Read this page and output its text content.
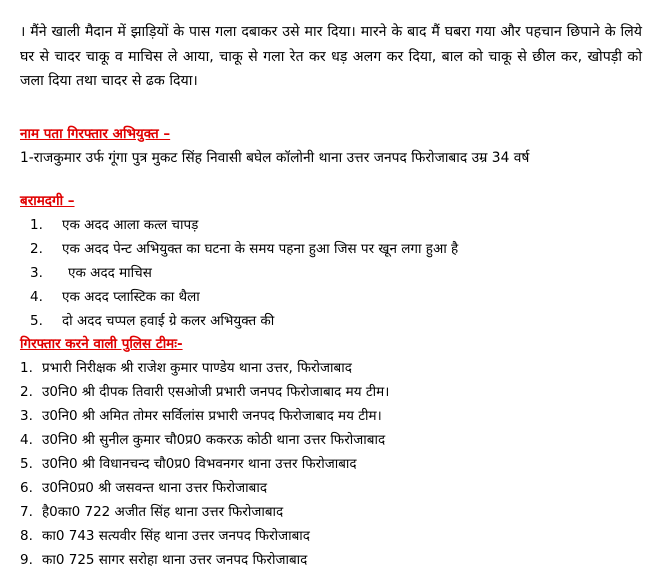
। मैंने खाली मैदान में झाड़ियों के पास गला दबाकर उसे मार दिया। मारने के बाद मैं घबरा गया और पहचान छिपाने के लिये घर से चादर चाकू व माचिस ले आया, चाकू से गला रेत कर धड़ अलग कर दिया, बाल को चाकू से छील कर, खोपड़ी को जला दिया तथा चादर से ढक दिया।
नाम पता गिरफ्तार अभियुक्त –
1-राजकुमार उर्फ गूंगा पुत्र मुकट सिंह निवासी बघेल कॉलोनी थाना उत्तर जनपद फिरोजाबाद उम्र 34 वर्ष
बरामदगी –
1. एक अदद आला कत्ल चापड़
2. एक अदद पेन्ट अभियुक्त का घटना के समय पहना हुआ जिस पर खून लगा हुआ है
3. एक अदद माचिस
4. एक अदद प्लास्टिक का थैला
5. दो अदद चप्पल हवाई ग्रे कलर अभियुक्त की
गिरफ्तार करने वाली पुलिस टीमः-
1. प्रभारी निरीक्षक श्री राजेश कुमार पाण्डेय थाना उत्तर, फिरोजाबाद
2. उ0नि0 श्री दीपक तिवारी एसओजी प्रभारी जनपद फिरोजाबाद मय टीम।
3. उ0नि0 श्री अमित तोमर सर्विलांस प्रभारी जनपद फिरोजाबाद मय टीम।
4. उ0नि0 श्री सुनील कुमार चौ0प्र0 ककरऊ कोठी थाना उत्तर फिरोजाबाद
5. उ0नि0 श्री विधानचन्द चौ0प्र0 विभवनगर थाना उत्तर फिरोजाबाद
6. उ0नि0प्र0 श्री जसवन्त थाना उत्तर फिरोजाबाद
7. है0का0 722 अजीत सिंह थाना उत्तर फिरोजाबाद
8. का0 743 सत्यवीर सिंह थाना उत्तर जनपद फिरोजाबाद
9. का0 725 सागर सरोहा थाना उत्तर जनपद फिरोजाबाद
